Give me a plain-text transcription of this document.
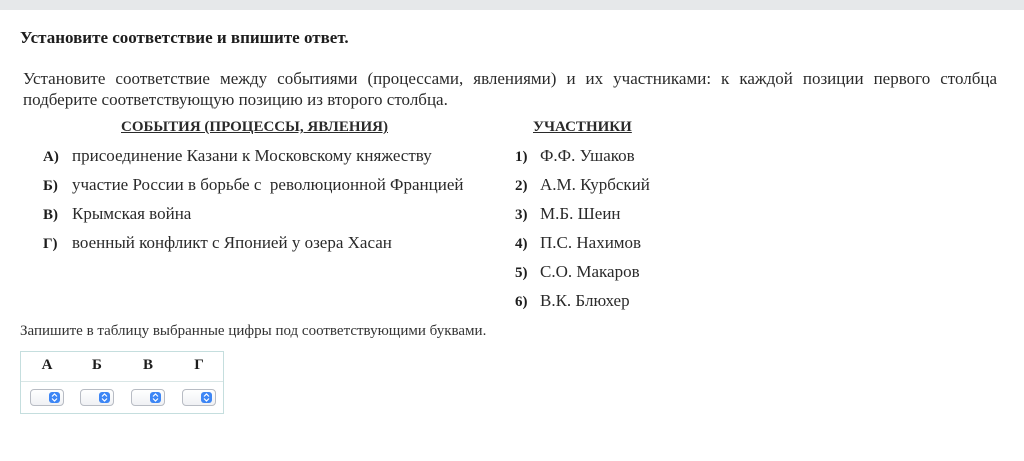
Установите соответствие и впишите ответ.
Установите соответствие между событиями (процессами, явлениями) и их участниками: к каждой позиции первого столбца подберите соответствующую позицию из второго столбца.
СОБЫТИЯ (ПРОЦЕССЫ, ЯВЛЕНИЯ)	УЧАСТНИКИ
А) присоединение Казани к Московскому княжеству
Б) участие России в борьбе с  революционной Францией
В) Крымская война
Г) военный конфликт с Японией у озера Хасан
1) Ф.Ф. Ушаков
2) А.М. Курбский
3) М.Б. Шеин
4) П.С. Нахимов
5) С.О. Макаров
6) В.К. Блюхер
Запишите в таблицу выбранные цифры под соответствующими буквами.
А	Б	В	Г
